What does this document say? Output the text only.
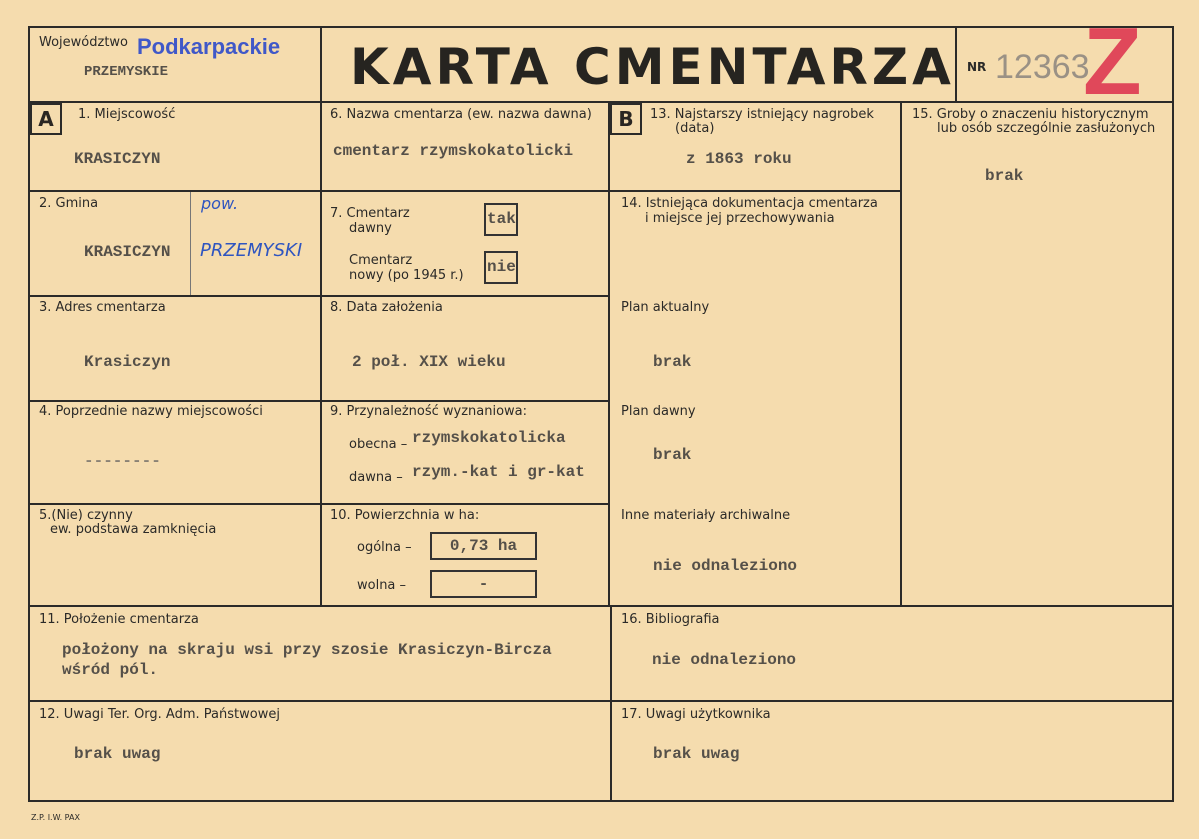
Województwo Podkarpackie
PRZEMYSKIE	KARTA CMENTARZA NR 12363
Z
A	1. Miejscowość
KRASICZYN
2. Gmina
KRASICZYN
pow.
PRZEMYSKI
3. Adres cmentarza
Krasiczyn
4. Poprzednie nazwy miejscowości
--------
5.(Nie) czynny
ew. podstawa zamknięcia
6. Nazwa cmentarza (ew. nazwa dawna)
cmentarz rzymskokatolicki
7. Cmentarz
dawny
tak
Cmentarz
nowy (po 1945 r.) nie
8. Data założenia
2 poł. XIX wieku
9. Przynależność wyznaniowa:
obecna – rzymskokatolicka
dawna – rzym.-kat i gr-kat
10. Powierzchnia w ha:
ogólna –	0,73 ha
wolna –	-
11. Położenie cmentarza
położony na skraju wsi przy szosie Krasiczyn-Bircza
wśród pól.
12. Uwagi Ter. Org. Adm. Państwowej
brak uwag
B	13. Najstarszy istniejący nagrobek
(data)
z 1863 roku
14. Istniejąca dokumentacja cmentarza
i miejsce jej przechowywania
Plan aktualny
brak
Plan dawny
brak
Inne materiały archiwalne
nie odnaleziono
15. Groby o znaczeniu historycznym
lub osób szczególnie zasłużonych
brak
16. Bibliografia
nie odnaleziono
17. Uwagi użytkownika
brak uwag
Z.P. I.W. PAX
